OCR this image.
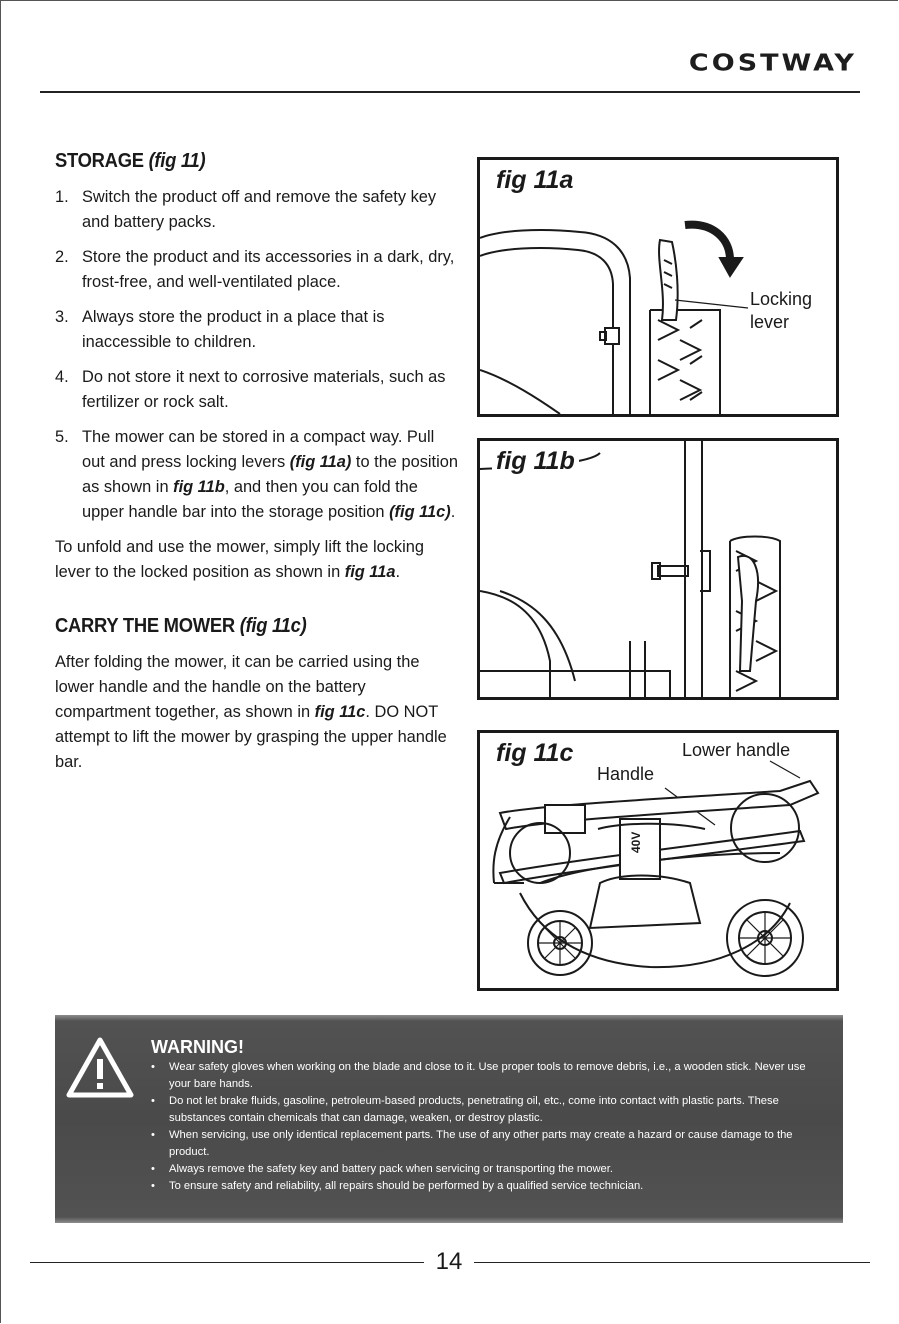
COSTWAY
STORAGE (fig 11)
1. Switch the product off and remove the safety key and battery packs.
2. Store the product and its accessories in a dark, dry, frost-free, and well-ventilated place.
3. Always store the product in a place that is inaccessible to children.
4. Do not store it next to corrosive materials, such as fertilizer or rock salt.
5. The mower can be stored in a compact way. Pull out and press locking levers (fig 11a) to the position as shown in fig 11b, and then you can fold the upper handle bar into the storage position (fig 11c).

To unfold and use the mower, simply lift the locking lever to the locked position as shown in fig 11a.

CARRY THE MOWER (fig 11c)

After folding the mower, it can be carried using the lower handle and the handle on the battery compartment together, as shown in fig 11c. DO NOT attempt to lift the mower by grasping the upper handle bar.

fig 11a
Locking lever
fig 11b
fig 11c	Lower handle
Handle
40V
WARNING!
• Wear safety gloves when working on the blade and close to it. Use proper tools to remove debris, i.e., a wooden stick. Never use your bare hands.
• Do not let brake fluids, gasoline, petroleum-based products, penetrating oil, etc., come into contact with plastic parts. These substances contain chemicals that can damage, weaken, or destroy plastic.
• When servicing, use only identical replacement parts. The use of any other parts may create a hazard or cause damage to the product.
• Always remove the safety key and battery pack when servicing or transporting the mower.
• To ensure safety and reliability, all repairs should be performed by a qualified service technician.
14
